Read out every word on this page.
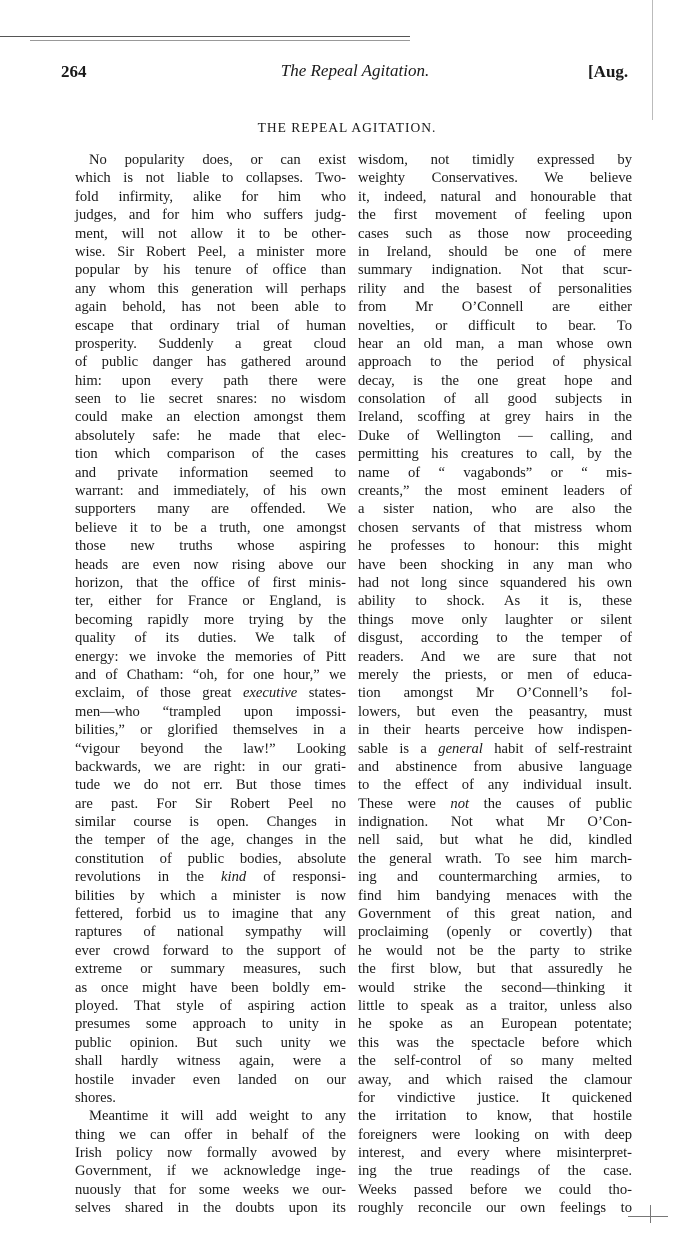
264	The Repeal Agitation.	[Aug.
THE REPEAL AGITATION.
No popularity does, or can exist
which is not liable to collapses. Two-
fold infirmity, alike for him who
judges, and for him who suffers judg-
ment, will not allow it to be other-
wise. Sir Robert Peel, a minister more
popular by his tenure of office than
any whom this generation will perhaps
again behold, has not been able to
escape that ordinary trial of human
prosperity. Suddenly a great cloud
of public danger has gathered around
him: upon every path there were
seen to lie secret snares: no wisdom
could make an election amongst them
absolutely safe: he made that elec-
tion which comparison of the cases
and private information seemed to
warrant: and immediately, of his own
supporters many are offended. We
believe it to be a truth, one amongst
those new truths whose aspiring
heads are even now rising above our
horizon, that the office of first minis-
ter, either for France or England, is
becoming rapidly more trying by the
quality of its duties. We talk of
energy: we invoke the memories of Pitt
and of Chatham: “oh, for one hour,” we
exclaim, of those great executive states-
men—who “trampled upon impossi-
bilities,” or glorified themselves in a
“vigour beyond the law!” Looking
backwards, we are right: in our grati-
tude we do not err. But those times
are past. For Sir Robert Peel no
similar course is open. Changes in
the temper of the age, changes in the
constitution of public bodies, absolute
revolutions in the kind of responsi-
bilities by which a minister is now
fettered, forbid us to imagine that any
raptures of national sympathy will
ever crowd forward to the support of
extreme or summary measures, such
as once might have been boldly em-
ployed. That style of aspiring action
presumes some approach to unity in
public opinion. But such unity we
shall hardly witness again, were a
hostile invader even landed on our
shores.
Meantime it will add weight to any
thing we can offer in behalf of the
Irish policy now formally avowed by
Government, if we acknowledge inge-
nuously that for some weeks we our-
selves shared in the doubts upon its
wisdom, not timidly expressed by
weighty Conservatives. We believe
it, indeed, natural and honourable that
the first movement of feeling upon
cases such as those now proceeding
in Ireland, should be one of mere
summary indignation. Not that scur-
rility and the basest of personalities
from Mr O’Connell are either
novelties, or difficult to bear. To
hear an old man, a man whose own
approach to the period of physical
decay, is the one great hope and
consolation of all good subjects in
Ireland, scoffing at grey hairs in the
Duke of Wellington — calling, and
permitting his creatures to call, by the
name of “ vagabonds” or “ mis-
creants,” the most eminent leaders of
a sister nation, who are also the
chosen servants of that mistress whom
he professes to honour: this might
have been shocking in any man who
had not long since squandered his own
ability to shock. As it is, these
things move only laughter or silent
disgust, according to the temper of
readers. And we are sure that not
merely the priests, or men of educa-
tion amongst Mr O’Connell’s fol-
lowers, but even the peasantry, must
in their hearts perceive how indispen-
sable is a general habit of self-restraint
and abstinence from abusive language
to the effect of any individual insult.
These were not the causes of public
indignation. Not what Mr O’Con-
nell said, but what he did, kindled
the general wrath. To see him march-
ing and countermarching armies, to
find him bandying menaces with the
Government of this great nation, and
proclaiming (openly or covertly) that
he would not be the party to strike
the first blow, but that assuredly he
would strike the second—thinking it
little to speak as a traitor, unless also
he spoke as an European potentate;
this was the spectacle before which
the self-control of so many melted
away, and which raised the clamour
for vindictive justice. It quickened
the irritation to know, that hostile
foreigners were looking on with deep
interest, and every where misinterpret-
ing the true readings of the case.
Weeks passed before we could tho-
roughly reconcile our own feelings to
